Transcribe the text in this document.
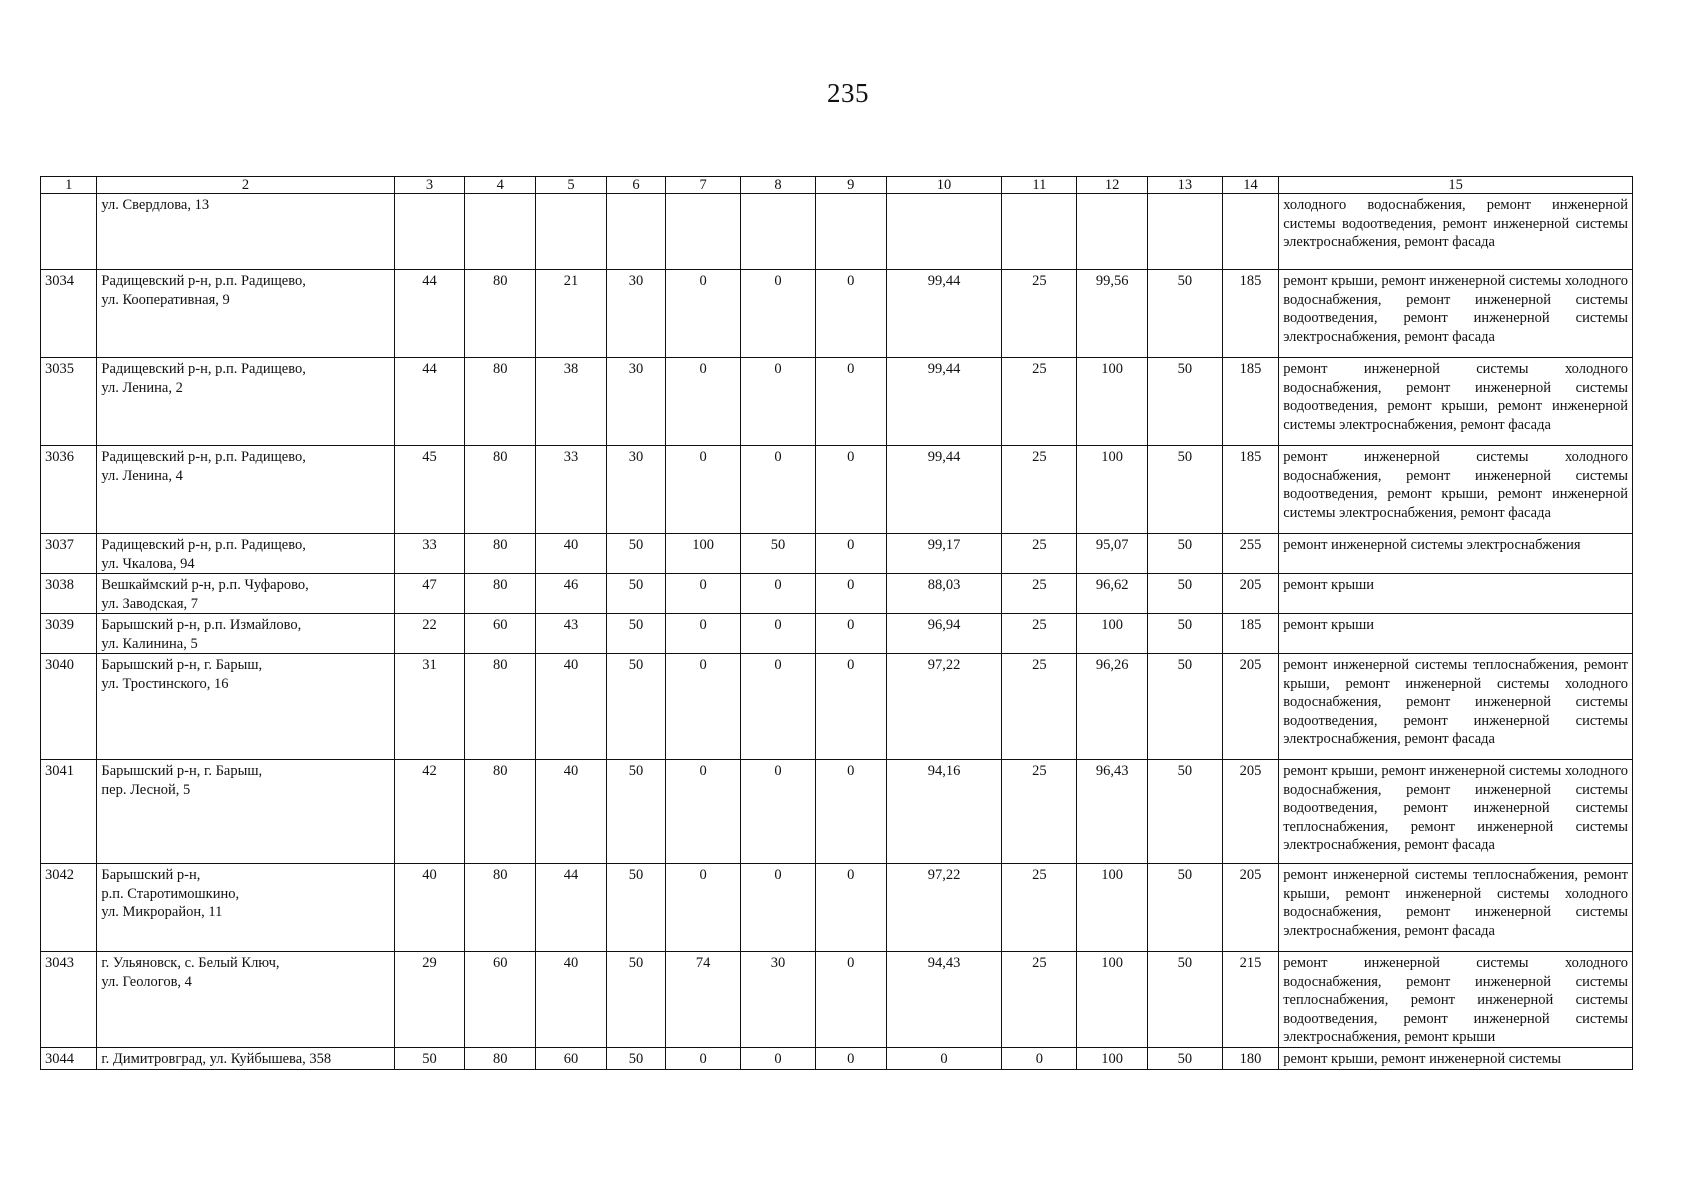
235
1	2	3	4	5	6	7	8	9	10	11	12	13	14	15

	ул. Свердлова, 13													холодного водоснабжения, ремонт инженерной системы водоотведения, ремонт инженерной системы электроснабжения, ремонт фасада
3034	Радищевский р-н, р.п. Радищево,
ул. Кооперативная, 9	44	80	21	30	0	0	0	99,44	25	99,56	50	185	ремонт крыши, ремонт инженерной системы холодного водоснабжения, ремонт инженерной системы водоотведения, ремонт инженерной системы электроснабжения, ремонт фасада
3035	Радищевский р-н, р.п. Радищево,
ул. Ленина, 2	44	80	38	30	0	0	0	99,44	25	100	50	185	ремонт инженерной системы холодного водоснабжения, ремонт инженерной системы водоотведения, ремонт крыши, ремонт инженерной системы электроснабжения, ремонт фасада
3036	Радищевский р-н, р.п. Радищево,
ул. Ленина, 4	45	80	33	30	0	0	0	99,44	25	100	50	185	ремонт инженерной системы холодного водоснабжения, ремонт инженерной системы водоотведения, ремонт крыши, ремонт инженерной системы электроснабжения, ремонт фасада
3037	Радищевский р-н, р.п. Радищево,
ул. Чкалова, 94	33	80	40	50	100	50	0	99,17	25	95,07	50	255	ремонт инженерной системы электроснабжения
3038	Вешкаймский р-н, р.п. Чуфарово,
ул. Заводская, 7	47	80	46	50	0	0	0	88,03	25	96,62	50	205	ремонт крыши
3039	Барышский р-н, р.п. Измайлово,
ул. Калинина, 5	22	60	43	50	0	0	0	96,94	25	100	50	185	ремонт крыши
3040	Барышский р-н, г. Барыш,
ул. Тростинского, 16	31	80	40	50	0	0	0	97,22	25	96,26	50	205	ремонт инженерной системы теплоснабжения, ремонт крыши, ремонт инженерной системы холодного водоснабжения, ремонт инженерной системы водоотведения, ремонт инженерной системы электроснабжения, ремонт фасада
3041	Барышский р-н, г. Барыш,
пер. Лесной, 5	42	80	40	50	0	0	0	94,16	25	96,43	50	205	ремонт крыши, ремонт инженерной системы холодного водоснабжения, ремонт инженерной системы водоотведения, ремонт инженерной системы теплоснабжения, ремонт инженерной системы электроснабжения, ремонт фасада
3042	Барышский р-н,
р.п. Старотимошкино,
ул. Микрорайон, 11	40	80	44	50	0	0	0	97,22	25	100	50	205	ремонт инженерной системы теплоснабжения, ремонт крыши, ремонт инженерной системы холодного водоснабжения, ремонт инженерной системы электроснабжения, ремонт фасада
3043	г. Ульяновск, с. Белый Ключ,
ул. Геологов, 4	29	60	40	50	74	30	0	94,43	25	100	50	215	ремонт инженерной системы холодного водоснабжения, ремонт инженерной системы теплоснабжения, ремонт инженерной системы водоотведения, ремонт инженерной системы электроснабжения, ремонт крыши
3044	г. Димитровград, ул. Куйбышева, 358	50	80	60	50	0	0	0	0	0	100	50	180	ремонт крыши, ремонт инженерной системы
